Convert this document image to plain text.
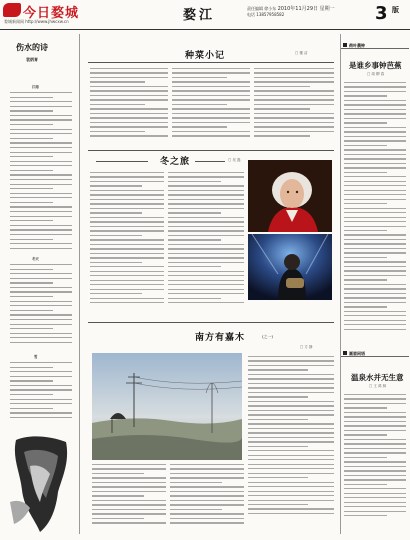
今日婺城
婺城新闻网 http://www.jhwcxw.cn	婺江	责任编辑 徐小东 2010年11月29日 星期一
电话 13857958582	3 版
伤水的诗
袁炳育
江南
冬天
雪
种菜小记	□ 楼 洁
冬之旅	□ 吴 磊
南方有嘉木	(之一)
□ 方 静
荷叶晨钟
是谁乡事钟芭蕉
□ 周 柳 春
画眉闲语
温泉水并无生意
□ 王 鸿 林
